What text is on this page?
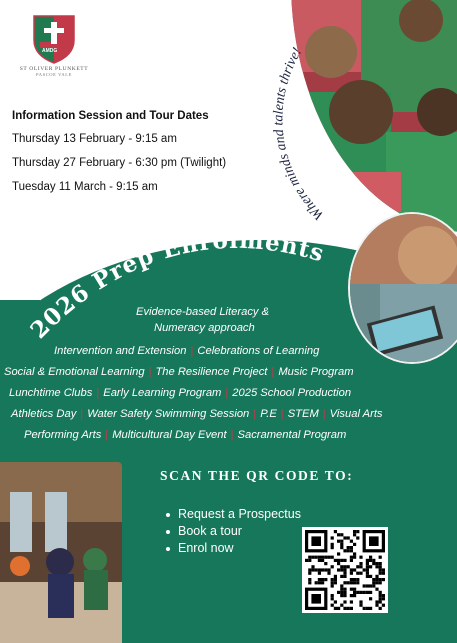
ST OLIVER PLUNKETT
PASCOE VALE
AMDG
Information Session and Tour Dates
Thursday 13 February - 9:15 am
Thursday 27 February - 6:30 pm (Twilight)
Tuesday 11 March - 9:15 am
Where minds and talents thrive!
2026 Prep Enrolments
Evidence-based Literacy &
Numeracy approach
Intervention and Extension | Celebrations of Learning
Social & Emotional Learning | The Resilience Project | Music Program
Lunchtime Clubs | Early Learning Program | 2025 School Production
Athletics Day | Water Safety Swimming Session | P.E | STEM | Visual Arts
Performing Arts | Multicultural Day Event | Sacramental Program
SCAN THE QR CODE TO:
Request a Prospectus
Book a tour
Enrol now
